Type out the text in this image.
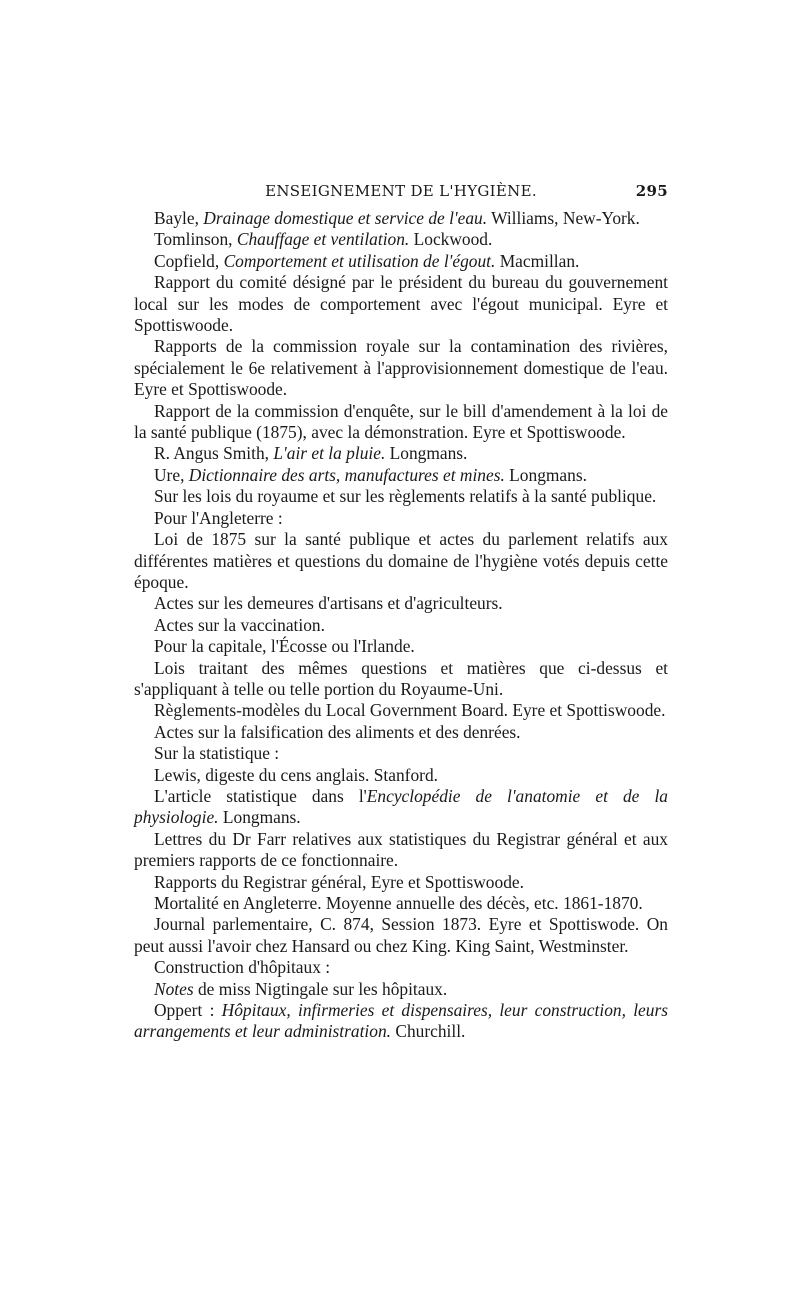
ENSEIGNEMENT DE L'HYGIÈNE.	295

Bayle, Drainage domestique et service de l'eau. Williams, New-York.

Tomlinson, Chauffage et ventilation. Lockwood.

Copfield, Comportement et utilisation de l'égout. Macmillan.

Rapport du comité désigné par le président du bureau du gouvernement local sur les modes de comportement avec l'égout municipal. Eyre et Spottiswoode.

Rapports de la commission royale sur la contamination des rivières, spécialement le 6e relativement à l'approvisionnement domestique de l'eau. Eyre et Spottiswoode.

Rapport de la commission d'enquête, sur le bill d'amendement à la loi de la santé publique (1875), avec la démonstration. Eyre et Spottiswoode.

R. Angus Smith, L'air et la pluie. Longmans.

Ure, Dictionnaire des arts, manufactures et mines. Longmans.

Sur les lois du royaume et sur les règlements relatifs à la santé publique.

Pour l'Angleterre :

Loi de 1875 sur la santé publique et actes du parlement relatifs aux différentes matières et questions du domaine de l'hygiène votés depuis cette époque.

Actes sur les demeures d'artisans et d'agriculteurs.

Actes sur la vaccination.

Pour la capitale, l'Écosse ou l'Irlande.

Lois traitant des mêmes questions et matières que ci-dessus et s'appliquant à telle ou telle portion du Royaume-Uni.

Règlements-modèles du Local Government Board. Eyre et Spottiswoode.

Actes sur la falsification des aliments et des denrées.

Sur la statistique :

Lewis, digeste du cens anglais. Stanford.

L'article statistique dans l'Encyclopédie de l'anatomie et de la physiologie. Longmans.

Lettres du Dr Farr relatives aux statistiques du Registrar général et aux premiers rapports de ce fonctionnaire.

Rapports du Registrar général, Eyre et Spottiswoode.

Mortalité en Angleterre. Moyenne annuelle des décès, etc. 1861-1870.

Journal parlementaire, C. 874, Session 1873. Eyre et Spottiswode. On peut aussi l'avoir chez Hansard ou chez King. King Saint, Westminster.

Construction d'hôpitaux :

Notes de miss Nigtingale sur les hôpitaux.

Oppert : Hôpitaux, infirmeries et dispensaires, leur construction, leurs arrangements et leur administration. Churchill.
